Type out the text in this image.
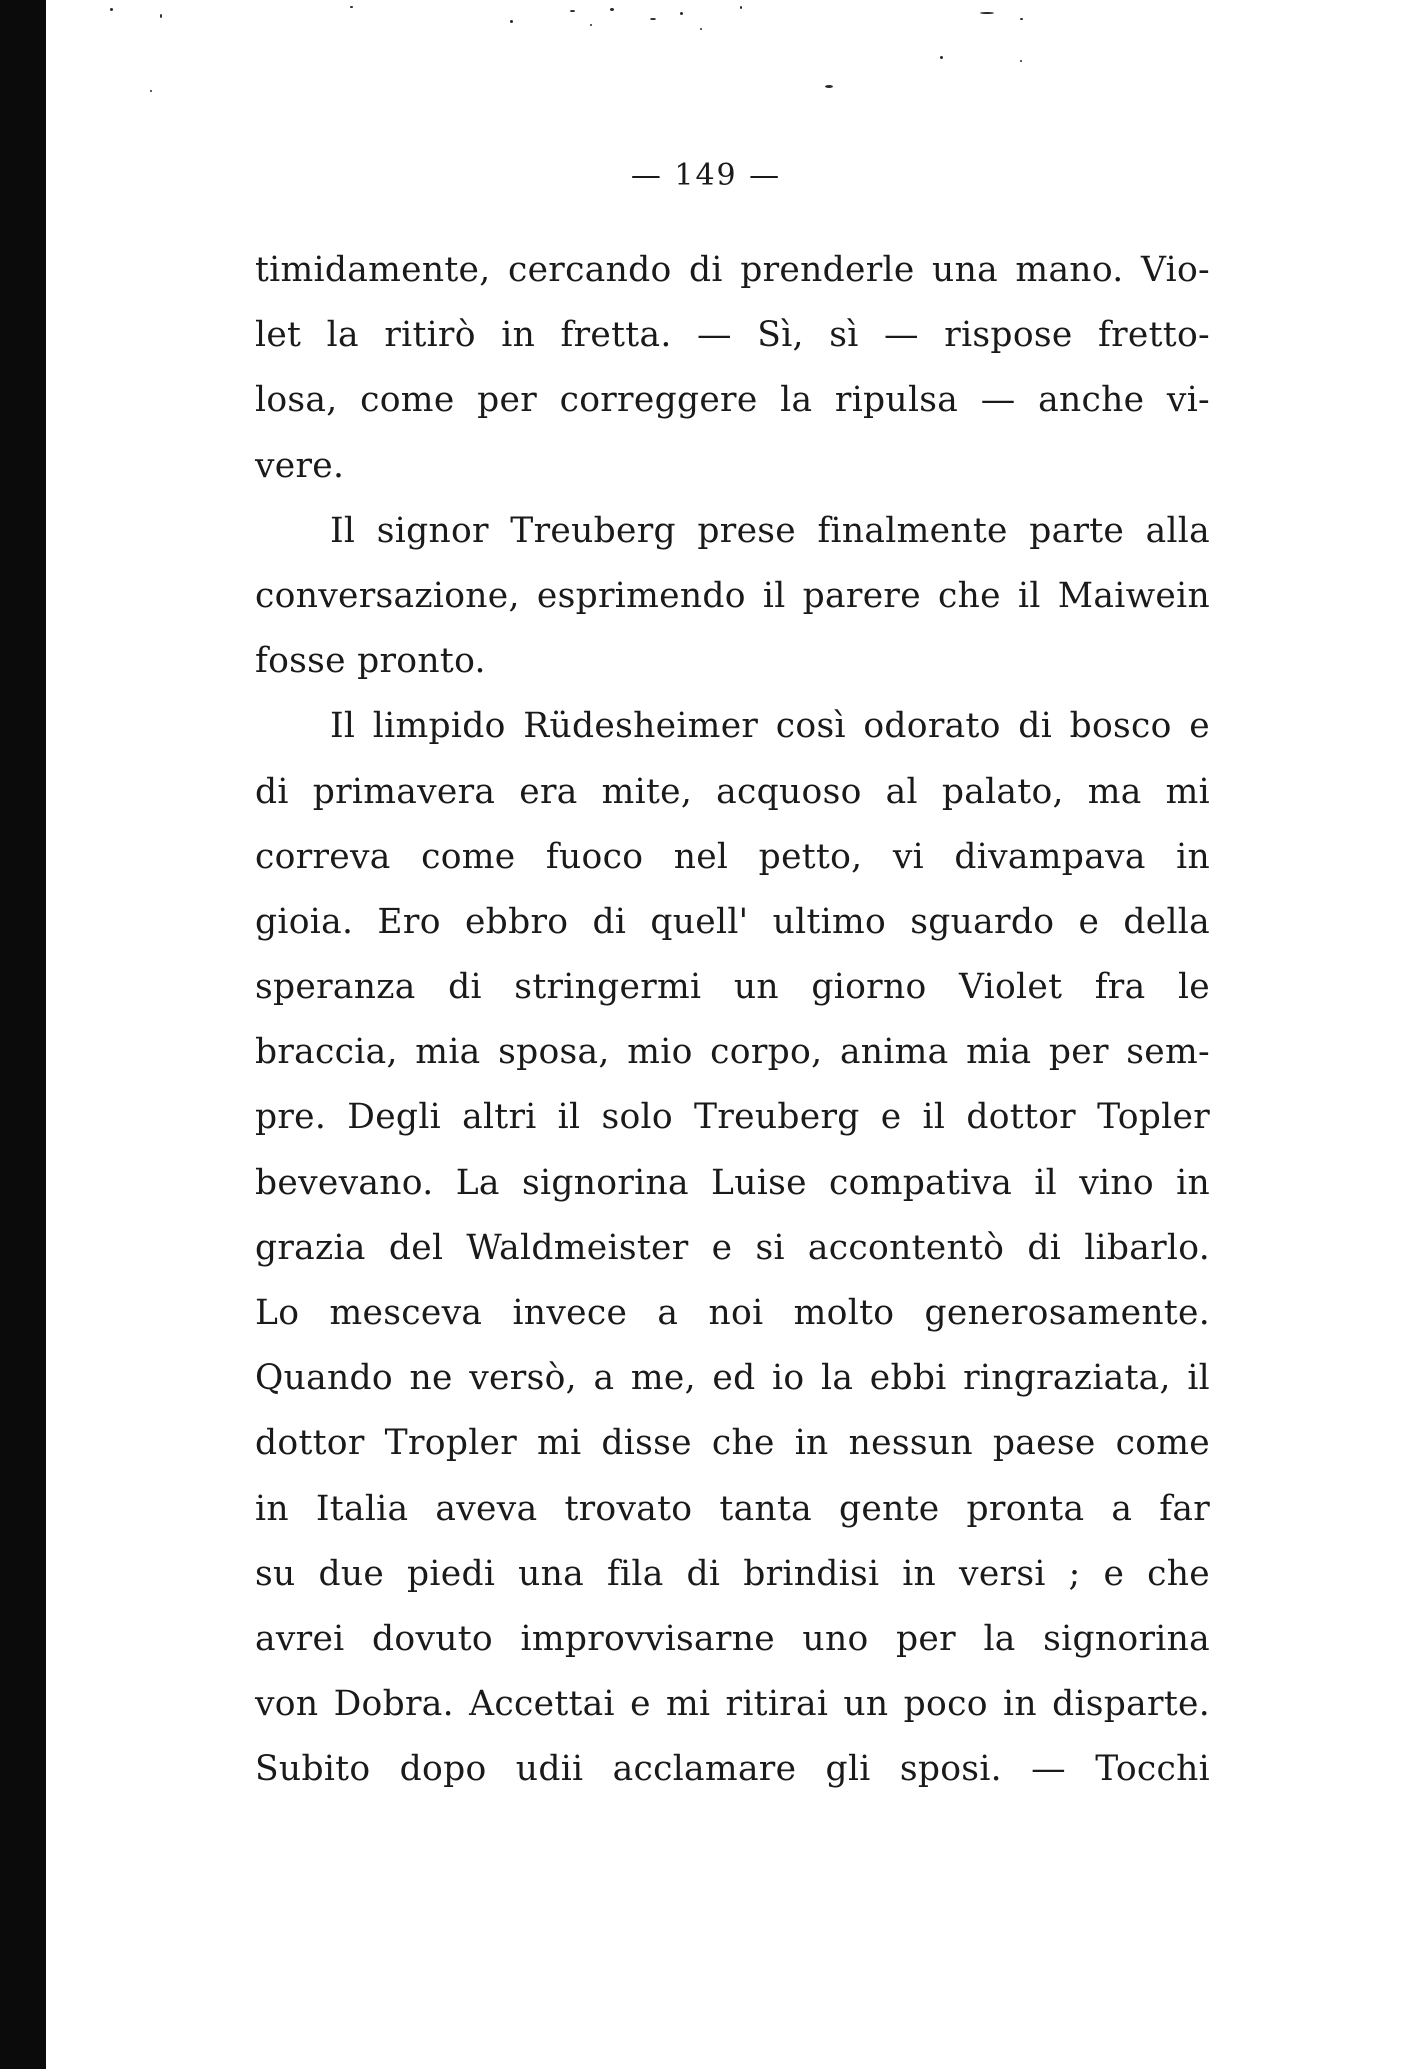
— 149 —
timidamente, cercando di prenderle una mano. Vio-
let la ritirò in fretta. — Sì, sì — rispose fretto-
losa, come per correggere la ripulsa — anche vi-
vere.
Il signor Treuberg prese finalmente parte alla
conversazione, esprimendo il parere che il Maiwein
fosse pronto.
Il limpido Rüdesheimer così odorato di bosco e
di primavera era mite, acquoso al palato, ma mi
correva come fuoco nel petto, vi divampava in
gioia. Ero ebbro di quell' ultimo sguardo e della
speranza di stringermi un giorno Violet fra le
braccia, mia sposa, mio corpo, anima mia per sem-
pre. Degli altri il solo Treuberg e il dottor Topler
bevevano. La signorina Luise compativa il vino in
grazia del Waldmeister e si accontentò di libarlo.
Lo mesceva invece a noi molto generosamente.
Quando ne versò, a me, ed io la ebbi ringraziata, il
dottor Tropler mi disse che in nessun paese come
in Italia aveva trovato tanta gente pronta a far
su due piedi una fila di brindisi in versi ; e che
avrei dovuto improvvisarne uno per la signorina
von Dobra. Accettai e mi ritirai un poco in disparte.
Subito dopo udii acclamare gli sposi. — Tocchi
